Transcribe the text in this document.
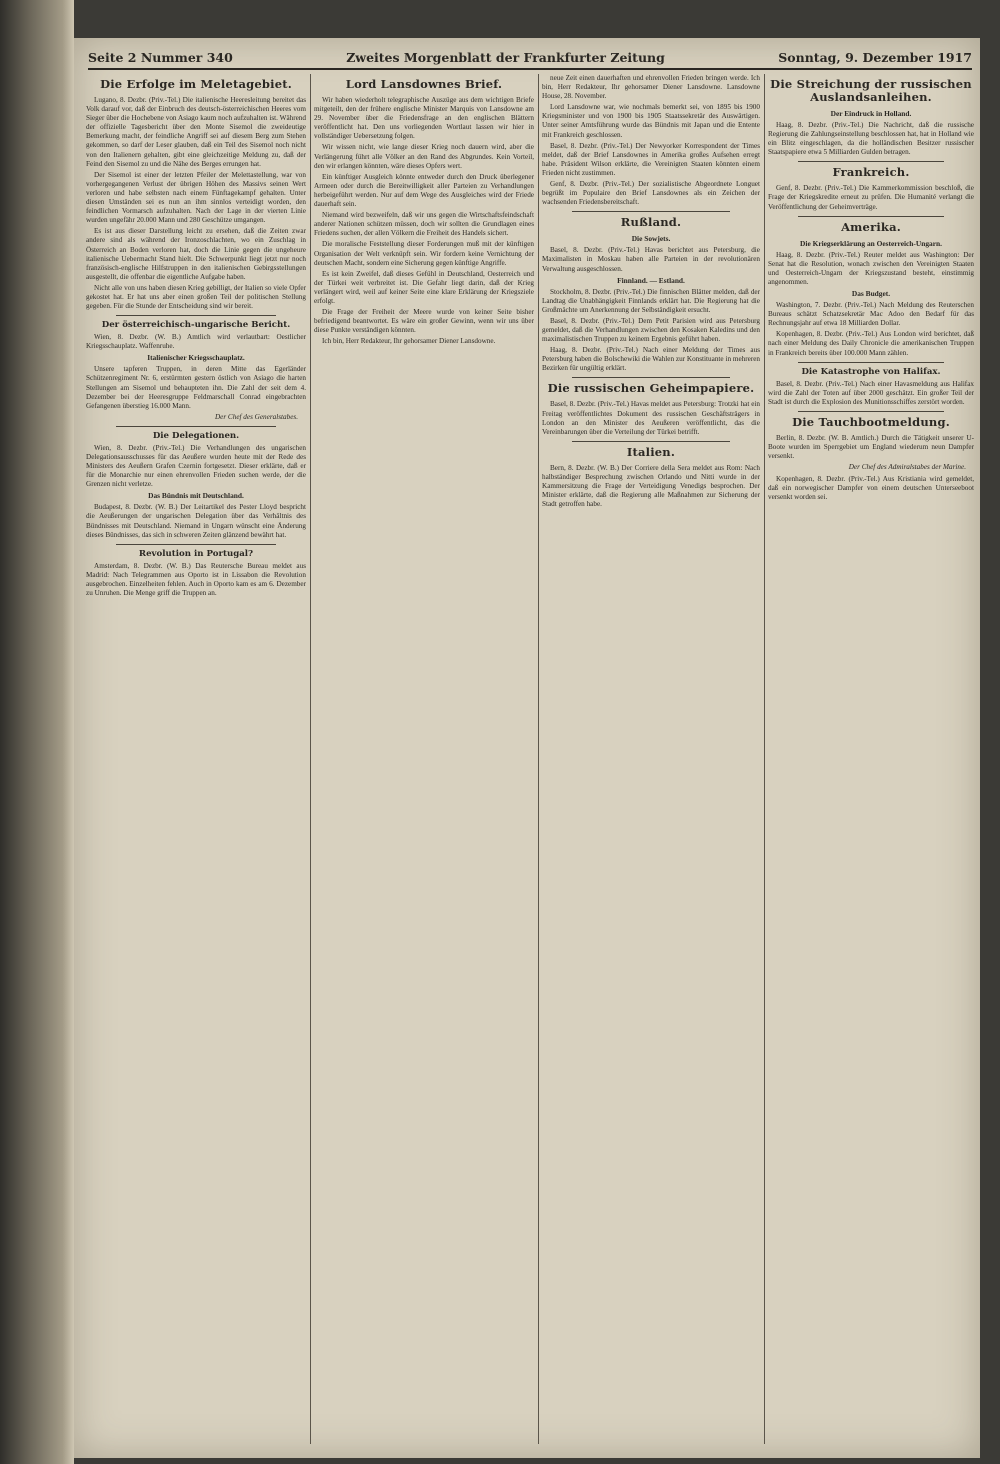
Seite 2 Nummer 340	Zweites Morgenblatt der Frankfurter Zeitung	Sonntag, 9. Dezember 1917
Die Erfolge im Meletagebiet.

Lugano, 8. Dezbr. (Priv.-Tel.) Die italienische Heeresleitung bereitet das Volk darauf vor, daß der Einbruch des deutsch-österreichischen Heeres vom Sieger über die Hochebene von Asiago kaum noch aufzuhalten ist. Während der offizielle Tagesbericht über den Monte Sisemol die zweideutige Bemerkung macht, der feindliche Angriff sei auf diesem Berg zum Stehen gekommen, so darf der Leser glauben, daß ein Teil des Sisemol noch nicht von den Italienern gehalten, gibt eine gleichzeitige Meldung zu, daß der Feind den Sisemol zu und die Nähe des Berges errungen hat.

Der Sisemol ist einer der letzten Pfeiler der Melettastellung, war von vorhergegangenen Verlust der übrigen Höhen des Massivs seinen Wert verloren und habe selbsten nach einem Fünftagekampf gehalten. Unter diesen Umständen sei es nun an ihm sinnlos verteidigt worden, den feindlichen Vormarsch aufzuhalten. Nach der Lage in der vierten Linie wurden ungefähr 20.000 Mann und 280 Geschütze umgangen.

Es ist aus dieser Darstellung leicht zu ersehen, daß die Zeiten zwar andere sind als während der Ironzoschlachten, wo ein Zuschlag in Österreich an Boden verloren hat, doch die Linie gegen die ungeheure italienische Uebermacht Stand hielt. Die Schwerpunkt liegt jetzt nur noch französisch-englische Hilfstruppen in den italienischen Gebirgsstellungen ausgestellt, die offenbar die eigentliche Aufgabe haben.

Nicht alle von uns haben diesen Krieg gebilligt, der Italien so viele Opfer gekostet hat. Er hat uns aber einen großen Teil der politischen Stellung gegeben. Für die Stunde der Entscheidung sind wir bereit.

Der österreichisch-ungarische Bericht.

Wien, 8. Dezbr. (W. B.) Amtlich wird verlautbart: Oestlicher Kriegsschauplatz. Waffenruhe.

Italienischer Kriegsschauplatz.

Unsere tapferen Truppen, in deren Mitte das Egerländer Schützenregiment Nr. 6, erstürmten gestern östlich von Asiago die harten Stellungen am Sisemol und behaupteten ihn. Die Zahl der seit dem 4. Dezember bei der Heeresgruppe Feldmarschall Conrad eingebrachten Gefangenen überstieg 16.000 Mann.

Der Chef des Generalstabes.
Die Delegationen.

Wien, 8. Dezbr. (Priv.-Tel.) Die Verhandlungen des ungarischen Delegationsausschusses für das Aeußere wurden heute mit der Rede des Ministers des Aeußern Grafen Czernin fortgesetzt. Dieser erklärte, daß er für die Monarchie nur einen ehrenvollen Frieden suchen werde, der die Grenzen nicht verletze.

Das Bündnis mit Deutschland.

Budapest, 8. Dezbr. (W. B.) Der Leitartikel des Pester Lloyd bespricht die Aeußerungen der ungarischen Delegation über das Verhältnis des Bündnisses mit Deutschland. Niemand in Ungarn wünscht eine Änderung dieses Bündnisses, das sich in schweren Zeiten glänzend bewährt hat.

Revolution in Portugal?

Amsterdam, 8. Dezbr. (W. B.) Das Reutersche Bureau meldet aus Madrid: Nach Telegrammen aus Oporto ist in Lissabon die Revolution ausgebrochen. Einzelheiten fehlen. Auch in Oporto kam es am 6. Dezember zu Unruhen. Die Menge griff die Truppen an.

Lord Lansdownes Brief.

Wir haben wiederholt telegraphische Auszüge aus dem wichtigen Briefe mitgeteilt, den der frühere englische Minister Marquis von Lansdowne am 29. November über die Friedensfrage an den englischen Blättern veröffentlicht hat. Den uns vorliegenden Wortlaut lassen wir hier in vollständiger Uebersetzung folgen.

Wir wissen nicht, wie lange dieser Krieg noch dauern wird, aber die Verlängerung führt alle Völker an den Rand des Abgrundes. Kein Vorteil, den wir erlangen könnten, wäre dieses Opfers wert.

Ein künftiger Ausgleich könnte entweder durch den Druck überlegener Armeen oder durch die Bereitwilligkeit aller Parteien zu Verhandlungen herbeigeführt werden. Nur auf dem Wege des Ausgleiches wird der Friede dauerhaft sein.

Niemand wird bezweifeln, daß wir uns gegen die Wirtschaftsfeindschaft anderer Nationen schützen müssen, doch wir sollten die Grundlagen eines Friedens suchen, der allen Völkern die Freiheit des Handels sichert.

Die moralische Feststellung dieser Forderungen muß mit der künftigen Organisation der Welt verknüpft sein. Wir fordern keine Vernichtung der deutschen Macht, sondern eine Sicherung gegen künftige Angriffe.

Es ist kein Zweifel, daß dieses Gefühl in Deutschland, Oesterreich und der Türkei weit verbreitet ist. Die Gefahr liegt darin, daß der Krieg verlängert wird, weil auf keiner Seite eine klare Erklärung der Kriegsziele erfolgt.

Die Frage der Freiheit der Meere wurde von keiner Seite bisher befriedigend beantwortet. Es wäre ein großer Gewinn, wenn wir uns über diese Punkte verständigen könnten.

Ich bin, Herr Redakteur, Ihr gehorsamer Diener Lansdowne.

neue Zeit einen dauerhaften und ehrenvollen Frieden bringen werde. Ich bin, Herr Redakteur, Ihr gehorsamer Diener Lansdowne. Lansdowne House, 28. November.

Lord Lansdowne war, wie nochmals bemerkt sei, von 1895 bis 1900 Kriegsminister und von 1900 bis 1905 Staatssekretär des Auswärtigen. Unter seiner Amtsführung wurde das Bündnis mit Japan und die Entente mit Frankreich geschlossen.

Basel, 8. Dezbr. (Priv.-Tel.) Der Newyorker Korrespondent der Times meldet, daß der Brief Lansdownes in Amerika großes Aufsehen erregt habe. Präsident Wilson erklärte, die Vereinigten Staaten könnten einem Frieden nicht zustimmen.

Genf, 8. Dezbr. (Priv.-Tel.) Der sozialistische Abgeordnete Longuet begrüßt im Populaire den Brief Lansdownes als ein Zeichen der wachsenden Friedensbereitschaft.

Rußland.
Die Sowjets.

Basel, 8. Dezbr. (Priv.-Tel.) Havas berichtet aus Petersburg, die Maximalisten in Moskau haben alle Parteien in der revolutionären Verwaltung ausgeschlossen.

Finnland. — Estland.

Stockholm, 8. Dezbr. (Priv.-Tel.) Die finnischen Blätter melden, daß der Landtag die Unabhängigkeit Finnlands erklärt hat. Die Regierung hat die Großmächte um Anerkennung der Selbständigkeit ersucht.

Basel, 8. Dezbr. (Priv.-Tel.) Dem Petit Parisien wird aus Petersburg gemeldet, daß die Verhandlungen zwischen den Kosaken Kaledins und den maximalistischen Truppen zu keinem Ergebnis geführt haben.

Haag, 8. Dezbr. (Priv.-Tel.) Nach einer Meldung der Times aus Petersburg haben die Bolschewiki die Wahlen zur Konstituante in mehreren Bezirken für ungültig erklärt.

Die russischen Geheimpapiere.

Basel, 8. Dezbr. (Priv.-Tel.) Havas meldet aus Petersburg: Trotzki hat ein Freitag veröffentlichtes Dokument des russischen Geschäftsträgers in London an den Minister des Aeußeren veröffentlicht, das die Vereinbarungen über die Verteilung der Türkei betrifft.

Italien.

Bern, 8. Dezbr. (W. B.) Der Corriere della Sera meldet aus Rom: Nach halbständiger Besprechung zwischen Orlando und Nitti wurde in der Kammersitzung die Frage der Verteidigung Venedigs besprochen. Der Minister erklärte, daß die Regierung alle Maßnahmen zur Sicherung der Stadt getroffen habe.

Die Streichung der russischen Auslandsanleihen.
Der Eindruck in Holland.

Haag, 8. Dezbr. (Priv.-Tel.) Die Nachricht, daß die russische Regierung die Zahlungseinstellung beschlossen hat, hat in Holland wie ein Blitz eingeschlagen, da die holländischen Besitzer russischer Staatspapiere etwa 5 Milliarden Gulden betragen.

Frankreich.

Genf, 8. Dezbr. (Priv.-Tel.) Die Kammerkommission beschloß, die Frage der Kriegskredite erneut zu prüfen. Die Humanité verlangt die Veröffentlichung der Geheimverträge.

Amerika.
Die Kriegserklärung an Oesterreich-Ungarn.

Haag, 8. Dezbr. (Priv.-Tel.) Reuter meldet aus Washington: Der Senat hat die Resolution, wonach zwischen den Vereinigten Staaten und Oesterreich-Ungarn der Kriegszustand besteht, einstimmig angenommen.

Das Budget.

Washington, 7. Dezbr. (Priv.-Tel.) Nach Meldung des Reuterschen Bureaus schätzt Schatzsekretär Mac Adoo den Bedarf für das Rechnungsjahr auf etwa 18 Milliarden Dollar.

Kopenhagen, 8. Dezbr. (Priv.-Tel.) Aus London wird berichtet, daß nach einer Meldung des Daily Chronicle die amerikanischen Truppen in Frankreich bereits über 100.000 Mann zählen.

Die Katastrophe von Halifax.

Basel, 8. Dezbr. (Priv.-Tel.) Nach einer Havasmeldung aus Halifax wird die Zahl der Toten auf über 2000 geschätzt. Ein großer Teil der Stadt ist durch die Explosion des Munitionsschiffes zerstört worden.

Die Tauchbootmeldung.

Berlin, 8. Dezbr. (W. B. Amtlich.) Durch die Tätigkeit unserer U-Boote wurden im Sperrgebiet um England wiederum neun Dampfer versenkt.

Der Chef des Admiralstabes der Marine.

Kopenhagen, 8. Dezbr. (Priv.-Tel.) Aus Kristiania wird gemeldet, daß ein norwegischer Dampfer von einem deutschen Unterseeboot versenkt worden sei.
